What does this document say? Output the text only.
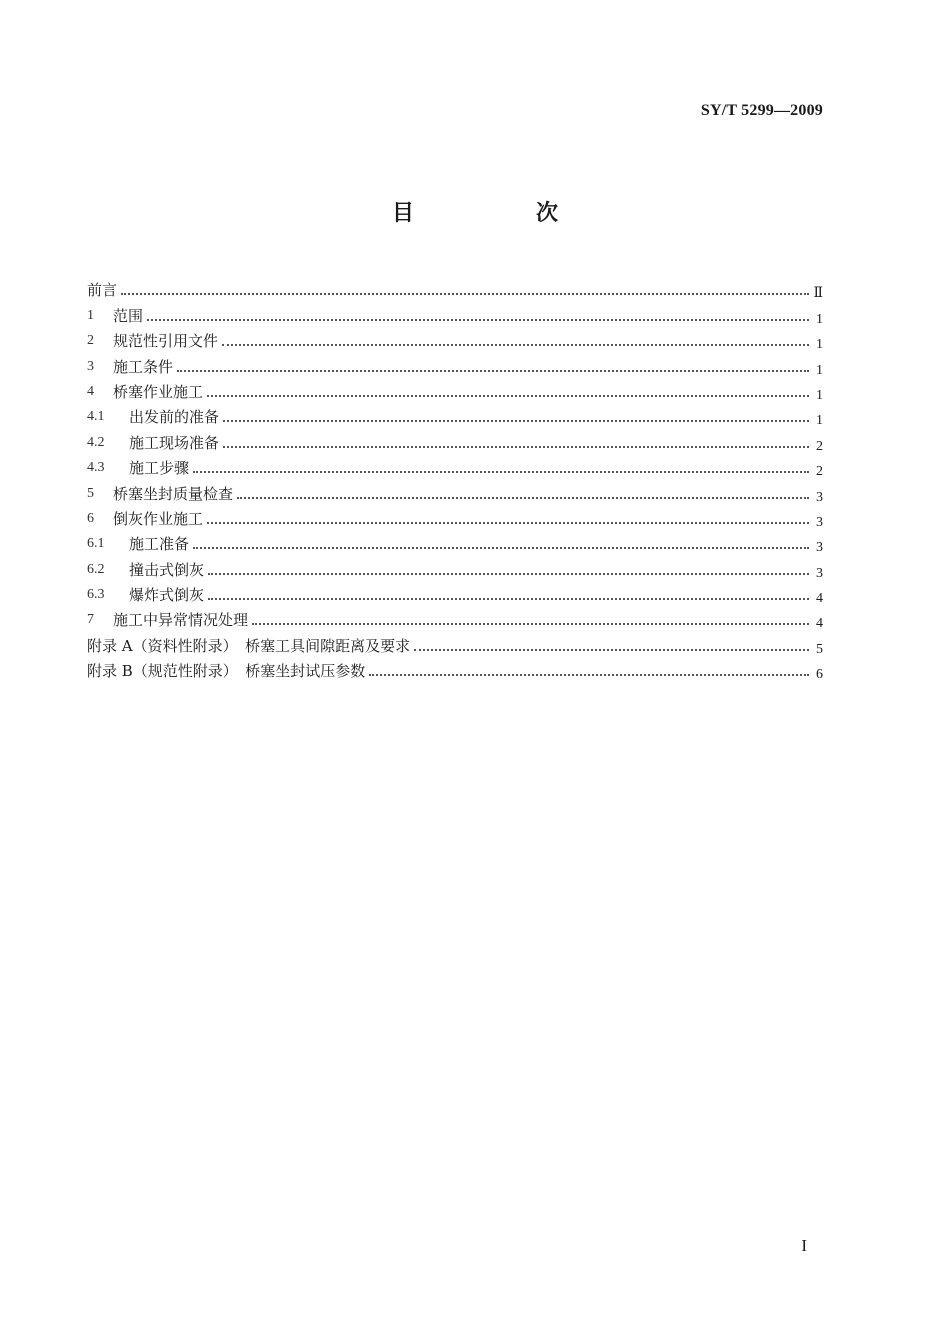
SY/T 5299—2009
目　次
前言	Ⅱ
1	范围	1
2	规范性引用文件	1
3	施工条件	1
4	桥塞作业施工	1
4.1	出发前的准备	1
4.2	施工现场准备	2
4.3	施工步骤	2
5	桥塞坐封质量检查	3
6	倒灰作业施工	3
6.1	施工准备	3
6.2	撞击式倒灰	3
6.3	爆炸式倒灰	4
7	施工中异常情况处理	4
附录 A（资料性附录）　桥塞工具间隙距离及要求	5
附录 B（规范性附录）　桥塞坐封试压参数	6
I
